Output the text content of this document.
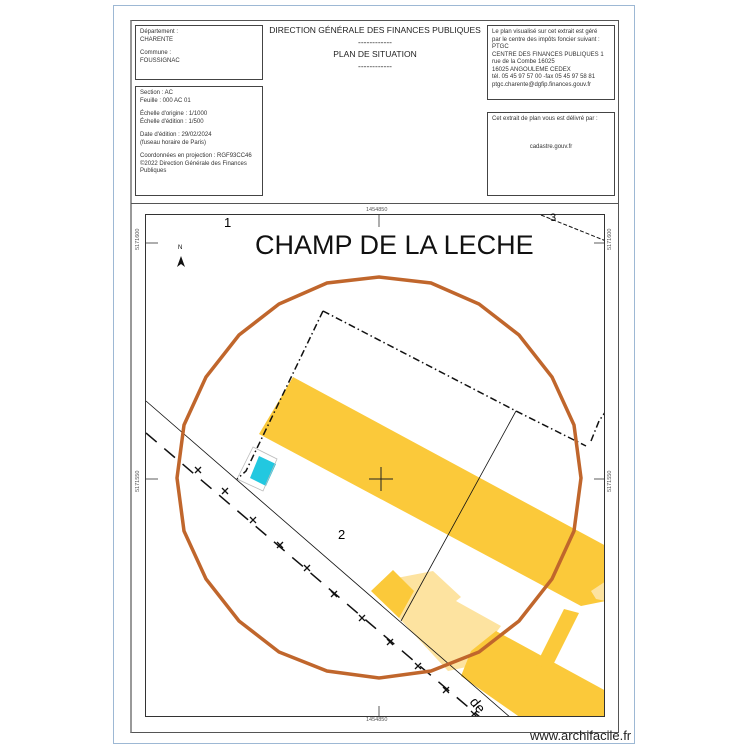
Département :

CHARENTE

Commune :

FOUSSIGNAC

Section : AC

Feuille : 000 AC 01

Échelle d'origine : 1/1000

Échelle d'édition : 1/500

Date d'édition : 29/02/2024

(fuseau horaire de Paris)

Coordonnées en projection : RGF93CC46

©2022 Direction Générale des Finances

Publiques

DIRECTION GÉNÉRALE DES FINANCES PUBLIQUES
------------
PLAN DE SITUATION
------------

Le plan visualisé sur cet extrait est géré

par le centre des impôts foncier suivant :

PTGC

CENTRE DES FINANCES PUBLIQUES 1

rue de la Combe 16025

16025 ANGOULEME CEDEX

tél. 05 45 97 57 00 -fax 05 45 97 58 81

ptgc.charente@dgfip.finances.gouv.fr

Cet extrait de plan vous est délivré par :

cadastre.gouv.fr

CHAMP DE LA LECHE
1
2
3
de
N
1454850
1454850
5171600	5171600
5171550	5171550
www.archifacile.fr
